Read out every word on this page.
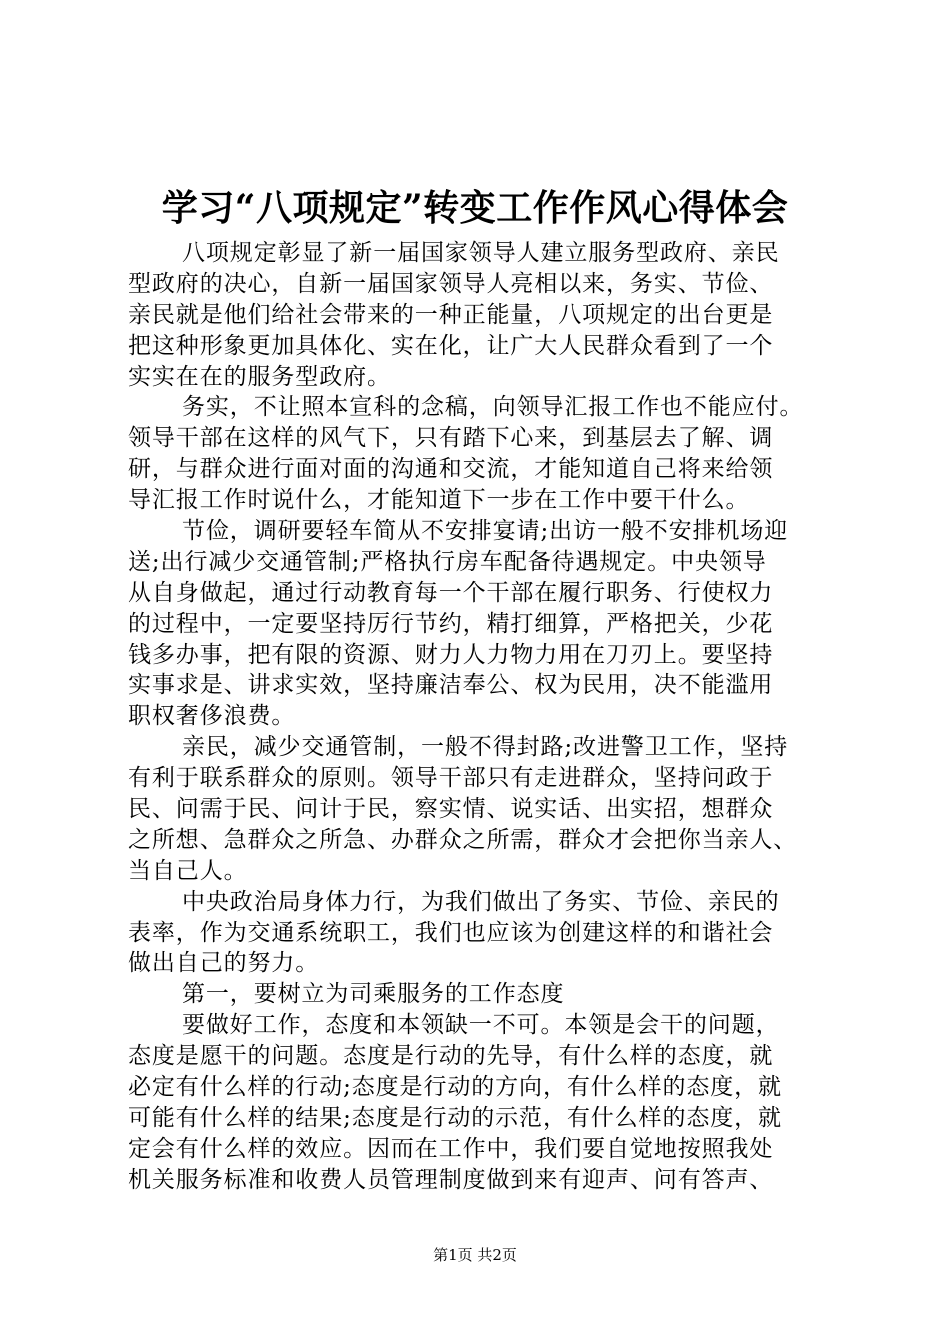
学习“八项规定”转变工作作风心得体会
八项规定彰显了新一届国家领导人建立服务型政府、亲民
型政府的决心，自新一届国家领导人亮相以来，务实、节俭、
亲民就是他们给社会带来的一种正能量，八项规定的出台更是
把这种形象更加具体化、实在化，让广大人民群众看到了一个
实实在在的服务型政府。
务实，不让照本宣科的念稿，向领导汇报工作也不能应付。
领导干部在这样的风气下，只有踏下心来，到基层去了解、调
研，与群众进行面对面的沟通和交流，才能知道自己将来给领
导汇报工作时说什么，才能知道下一步在工作中要干什么。
节俭，调研要轻车简从不安排宴请;出访一般不安排机场迎
送;出行减少交通管制;严格执行房车配备待遇规定。中央领导
从自身做起，通过行动教育每一个干部在履行职务、行使权力
的过程中，一定要坚持厉行节约，精打细算，严格把关，少花
钱多办事，把有限的资源、财力人力物力用在刀刃上。要坚持
实事求是、讲求实效，坚持廉洁奉公、权为民用，决不能滥用
职权奢侈浪费。
亲民，减少交通管制，一般不得封路;改进警卫工作，坚持
有利于联系群众的原则。领导干部只有走进群众，坚持问政于
民、问需于民、问计于民，察实情、说实话、出实招，想群众
之所想、急群众之所急、办群众之所需，群众才会把你当亲人、
当自己人。
中央政治局身体力行，为我们做出了务实、节俭、亲民的
表率，作为交通系统职工，我们也应该为创建这样的和谐社会
做出自己的努力。
第一，要树立为司乘服务的工作态度
要做好工作，态度和本领缺一不可。本领是会干的问题，
态度是愿干的问题。态度是行动的先导，有什么样的态度，就
必定有什么样的行动;态度是行动的方向，有什么样的态度，就
可能有什么样的结果;态度是行动的示范，有什么样的态度，就
定会有什么样的效应。因而在工作中，我们要自觉地按照我处
机关服务标准和收费人员管理制度做到来有迎声、问有答声、
第1页 共2页
